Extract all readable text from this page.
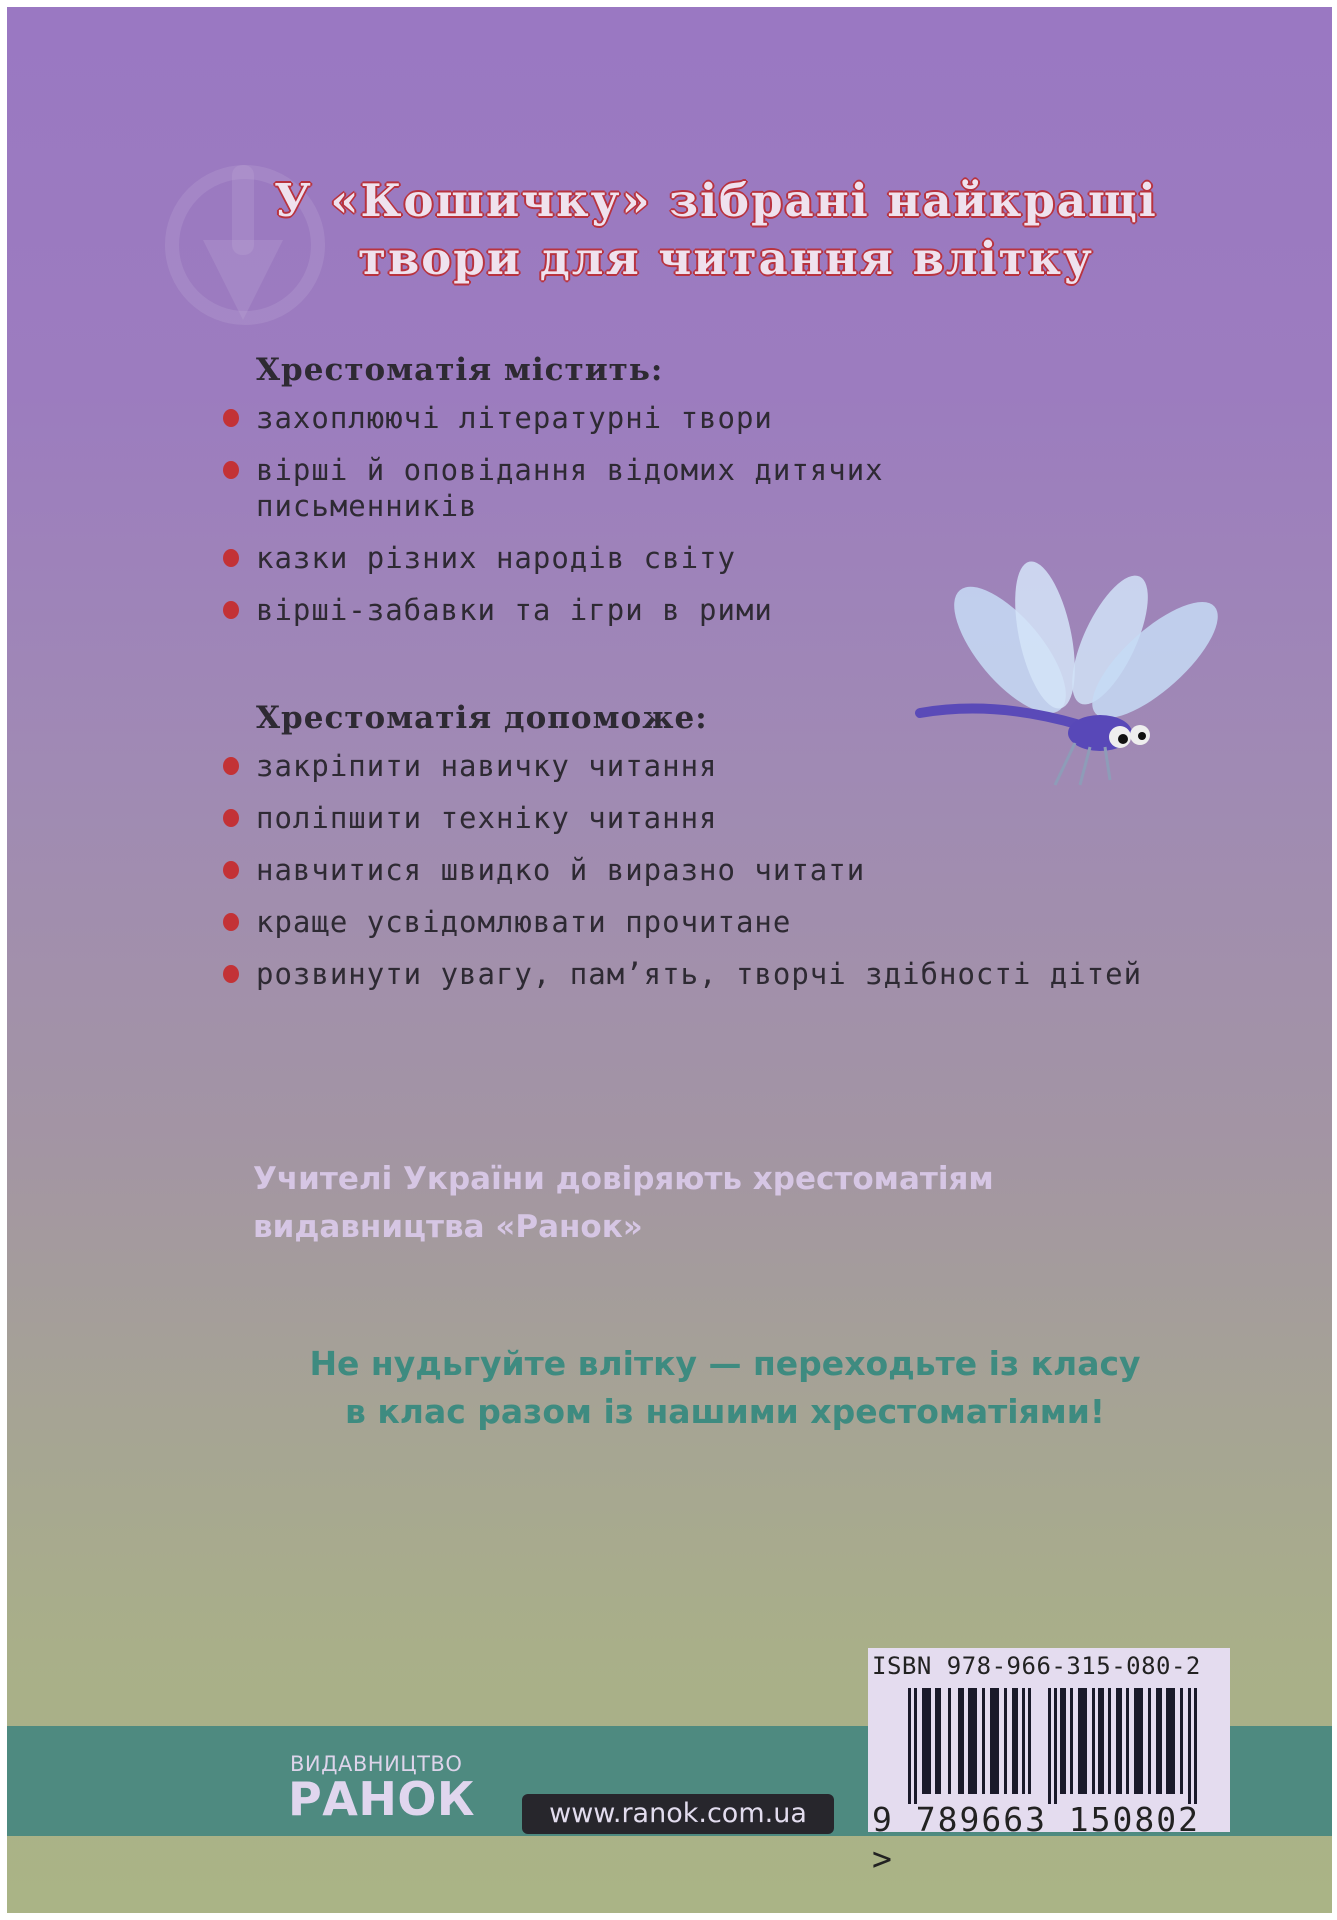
У «Кошичку» зібрані найкращі
твори для читання влітку
Хрестоматія містить:
захоплюючі літературні твори
вірші й оповідання відомих дитячих письменників
казки різних народів світу
вірші-забавки та ігри в рими
Хрестоматія допоможе:
закріпити навичку читання
поліпшити техніку читання
навчитися швидко й виразно читати
краще усвідомлювати прочитане
розвинути увагу, пам’ять, творчі здібності дітей
Учителі України довіряють хрестоматіям видавництва «Ранок»
Не нудьгуйте влітку — переходьте із класу
в клас разом із нашими хрестоматіями!
ВИДАВНИЦТВО
РАНОК	www.ranok.com.ua
ISBN 978-966-315-080-2
9 789663 150802 >
